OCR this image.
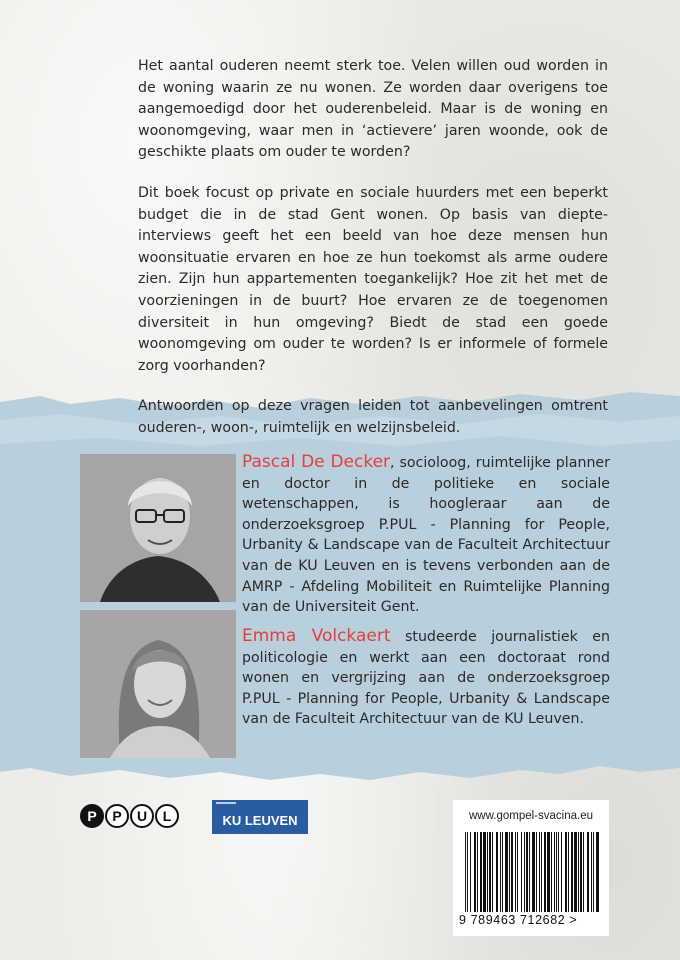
Het aantal ouderen neemt sterk toe. Velen willen oud worden in de woning waarin ze nu wonen. Ze worden daar overigens toe aangemoedigd door het ouderenbeleid. Maar is de woning en woonomgeving, waar men in ‘actievere’ jaren woonde, ook de geschikte plaats om ouder te worden?

Dit boek focust op private en sociale huurders met een beperkt budget die in de stad Gent wonen. Op basis van diepte-interviews geeft het een beeld van hoe deze mensen hun woonsituatie ervaren en hoe ze hun toekomst als arme oudere zien. Zijn hun appartementen toegankelijk? Hoe zit het met de voorzieningen in de buurt? Hoe ervaren ze de toegenomen diversiteit in hun omgeving? Biedt de stad een goede woonomgeving om ouder te worden? Is er informele of formele zorg voorhanden?

Antwoorden op deze vragen leiden tot aanbevelingen omtrent ouderen-, woon-, ruimtelijk en welzijnsbeleid.

Pascal De Decker, socioloog, ruimtelijke planner en doctor in de politieke en sociale wetenschappen, is hoogleraar aan de onderzoeksgroep P.PUL - Planning for People, Urbanity & Landscape van de Faculteit Architectuur van de KU Leuven en is tevens verbonden aan de AMRP - Afdeling Mobiliteit en Ruimtelijke Planning van de Universiteit Gent.
Emma Volckaert studeerde journalistiek en politicologie en werkt aan een doctoraat rond wonen en vergrijzing aan de onderzoeksgroep P.PUL - Planning for People, Urbanity & Landscape van de Faculteit Architectuur van de KU Leuven.
P	P	U	L	KU LEUVEN	www.gompel-svacina.eu
9 789463 712682 >
